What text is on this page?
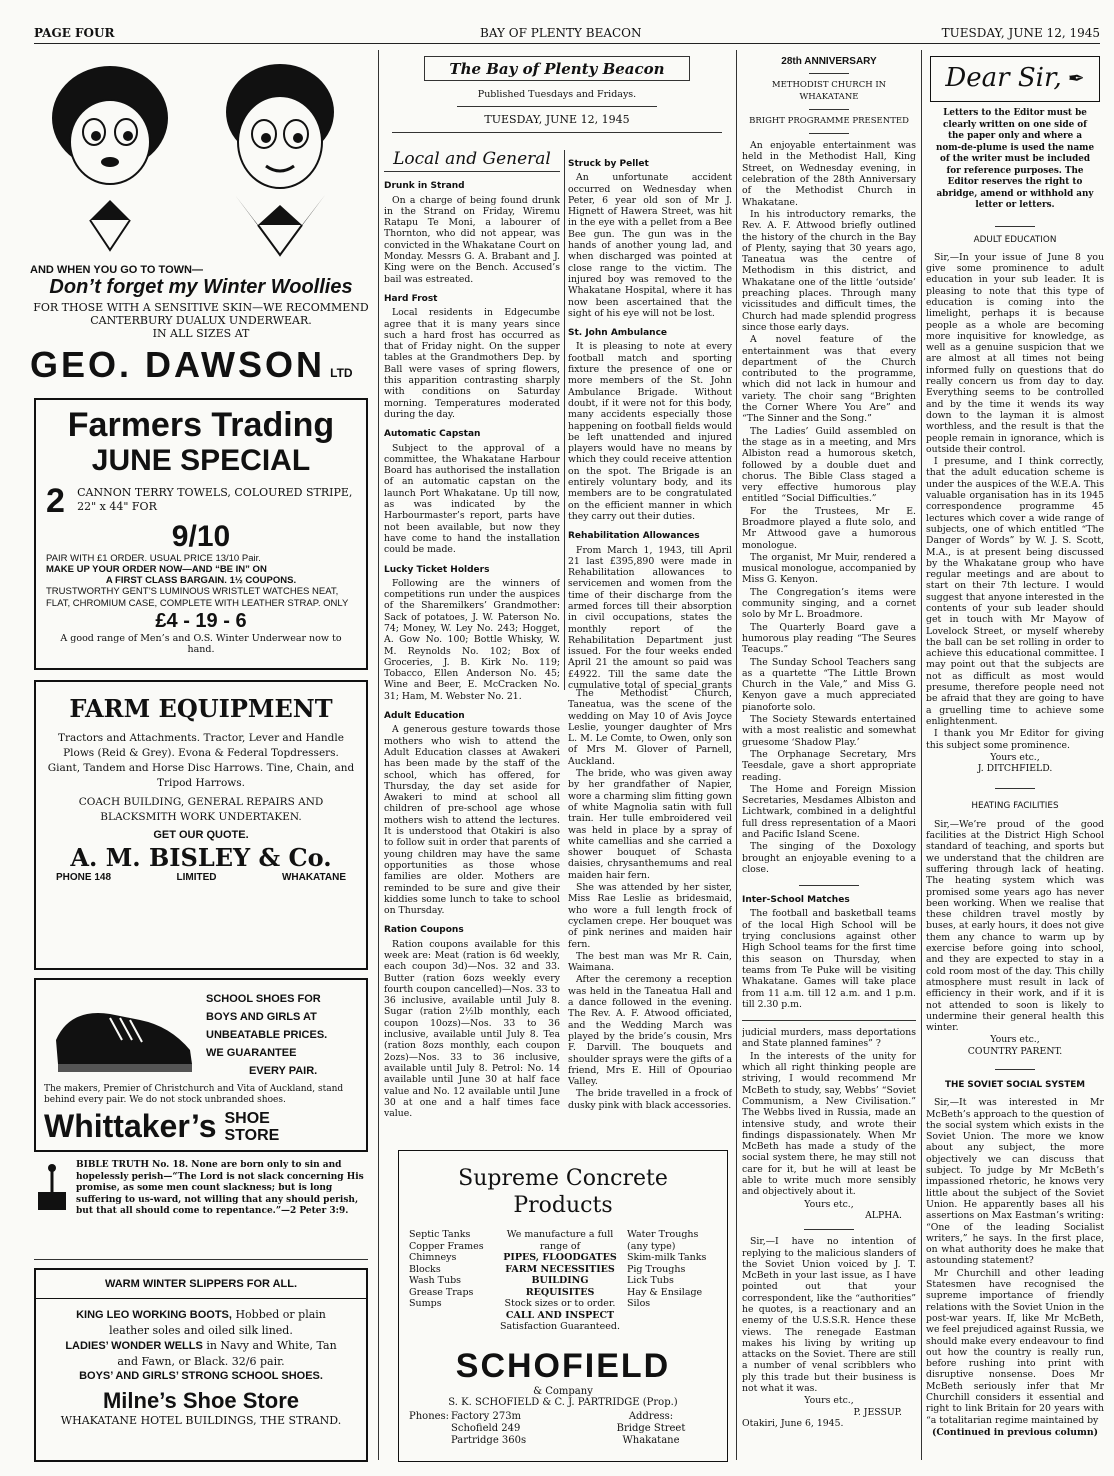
PAGE FOUR	BAY OF PLENTY BEACON	TUESDAY, JUNE 12, 1945
AND WHEN YOU GO TO TOWN—
Don’t forget my Winter Woollies
FOR THOSE WITH A SENSITIVE SKIN—WE RECOMMEND
CANTERBURY DUALUX UNDERWEAR.
IN ALL SIZES AT
GEO. DAWSON LTD
Farmers Trading
JUNE SPECIAL
2	CANNON TERRY TOWELS, COLOURED STRIPE, 22" x 44" FOR
9/10
PAIR WITH £1 ORDER. USUAL PRICE 13/10 Pair.
MAKE UP YOUR ORDER NOW—AND “BE IN” ON
A FIRST CLASS BARGAIN. 1½ COUPONS.
TRUSTWORTHY GENT’S LUMINOUS WRISTLET WATCHES NEAT, FLAT, CHROMIUM CASE, COMPLETE WITH LEATHER STRAP. ONLY
£4 - 19 - 6
A good range of Men’s and O.S. Winter Underwear now to hand.
FARM EQUIPMENT
Tractors and Attachments. Tractor, Lever and Handle Plows (Reid & Grey). Evona & Federal Topdressers. Giant, Tandem and Horse Disc Harrows. Tine, Chain, and Tripod Harrows.
COACH BUILDING, GENERAL REPAIRS AND BLACKSMITH WORK UNDERTAKEN.
GET OUR QUOTE.
A. M. BISLEY & Co.
PHONE 148	LIMITED	WHAKATANE
SCHOOL SHOES FOR
BOYS AND GIRLS AT
UNBEATABLE PRICES.
WE GUARANTEE
EVERY PAIR.
The makers, Premier of Christchurch and Vita of Auckland, stand behind every pair. We do not stock unbranded shoes.
Whittaker’s SHOE
STORE
BIBLE TRUTH No. 18. None are born only to sin and hopelessly perish—“The Lord is not slack concerning His promise, as some men count slackness; but is long suffering to us-ward, not willing that any should perish, but that all should come to repentance.”—2 Peter 3:9.
WARM WINTER SLIPPERS FOR ALL.
KING LEO WORKING BOOTS, Hobbed or plain
leather soles and oiled silk lined.
LADIES’ WONDER WELLS in Navy and White, Tan
and Fawn, or Black. 32/6 pair.
BOYS’ AND GIRLS’ STRONG SCHOOL SHOES.
Milne’s Shoe Store
WHAKATANE HOTEL BUILDINGS, THE STRAND.
The Bay of Plenty Beacon
Published Tuesdays and Fridays.
TUESDAY, JUNE 12, 1945
Local and General
Drunk in Strand

On a charge of being found drunk in the Strand on Friday, Wiremu Ratapu Te Moni, a labourer of Thornton, who did not appear, was convicted in the Whakatane Court on Monday. Messrs G. A. Brabant and J. King were on the Bench. Accused’s bail was estreated.

Hard Frost

Local residents in Edgecumbe agree that it is many years since such a hard frost has occurred as that of Friday night. On the supper tables at the Grandmothers Dep. by Ball were vases of spring flowers, this apparition contrasting sharply with conditions on Saturday morning. Temperatures moderated during the day.

Automatic Capstan

Subject to the approval of a committee, the Whakatane Harbour Board has authorised the installation of an automatic capstan on the launch Port Whakatane. Up till now, as was indicated by the Harbourmaster’s report, parts have not been available, but now they have come to hand the installation could be made.

Lucky Ticket Holders

Following are the winners of competitions run under the auspices of the Sharemilkers’ Grandmother: Sack of potatoes, J. W. Paterson No. 74; Money, W. Ley No. 243; Hogget, A. Gow No. 100; Bottle Whisky, W. M. Reynolds No. 102; Box of Groceries, J. B. Kirk No. 119; Tobacco, Ellen Anderson No. 45; Wine and Beer, E. McCracken No. 31; Ham, M. Webster No. 21.

Adult Education

A generous gesture towards those mothers who wish to attend the Adult Education classes at Awakeri has been made by the staff of the school, which has offered, for Thursday, the day set aside for Awakeri to mind at school all children of pre-school age whose mothers wish to attend the lectures. It is understood that Otakiri is also to follow suit in order that parents of young children may have the same opportunities as those whose families are older. Mothers are reminded to be sure and give their kiddies some lunch to take to school on Thursday.

Ration Coupons

Ration coupons available for this week are: Meat (ration is 6d weekly, each coupon 3d)—Nos. 32 and 33. Butter (ration 6ozs weekly every fourth coupon cancelled)—Nos. 33 to 36 inclusive, available until July 8. Sugar (ration 2½lb monthly, each coupon 10ozs)—Nos. 33 to 36 inclusive, available until July 8. Tea (ration 8ozs monthly, each coupon 2ozs)—Nos. 33 to 36 inclusive, available until July 8. Petrol: No. 14 available until June 30 at half face value and No. 12 available until June 30 at one and a half times face value.

Struck by Pellet

An unfortunate accident occurred on Wednesday when Peter, 6 year old son of Mr J. Hignett of Hawera Street, was hit in the eye with a pellet from a Bee Bee gun. The gun was in the hands of another young lad, and when discharged was pointed at close range to the victim. The injured boy was removed to the Whakatane Hospital, where it has now been ascertained that the sight of his eye will not be lost.

St. John Ambulance

It is pleasing to note at every football match and sporting fixture the presence of one or more members of the St. John Ambulance Brigade. Without doubt, if it were not for this body, many accidents especially those happening on football fields would be left unattended and injured players would have no means by which they could receive attention on the spot. The Brigade is an entirely voluntary body, and its members are to be congratulated on the efficient manner in which they carry out their duties.

Rehabilitation Allowances

From March 1, 1943, till April 21 last £395,890 were made in Rehabilitation allowances to servicemen and women from the time of their discharge from the armed forces till their absorption in civil occupations, states the monthly report of the Rehabilitation Department just issued. For the four weeks ended April 21 the amount so paid was £4922. Till the same date the cumulative total of special grants

The Methodist Church, Taneatua, was the scene of the wedding on May 10 of Avis Joyce Leslie, younger daughter of Mrs L. M. Le Comte, to Owen, only son of Mrs M. Glover of Parnell, Auckland.

The bride, who was given away by her grandfather of Napier, wore a charming slim fitting gown of white Magnolia satin with full train. Her tulle embroidered veil was held in place by a spray of white camellias and she carried a shower bouquet of Schasta daisies, chrysanthemums and real maiden hair fern.

She was attended by her sister, Miss Rae Leslie as bridesmaid, who wore a full length frock of cyclamen crepe. Her bouquet was of pink nerines and maiden hair fern.

The best man was Mr R. Cain, Waimana.

After the ceremony a reception was held in the Taneatua Hall and a dance followed in the evening. The Rev. A. F. Atwood officiated, and the Wedding March was played by the bride’s cousin, Mrs F. Darvill. The bouquets and shoulder sprays were the gifts of a friend, Mrs E. Hill of Opouriao Valley.

The bride travelled in a frock of dusky pink with black accessories.

Supreme Concrete Products
Septic Tanks
Copper Frames
Chimneys
Blocks
Wash Tubs
Grease Traps
Sumps
We manufacture a full
range of
PIPES, FLOODGATES
FARM NECESSITIES
BUILDING REQUISITES
Stock sizes or to order.
CALL AND INSPECT
Satisfaction Guaranteed.
Water Troughs
(any type)
Skim-milk Tanks
Pig Troughs
Lick Tubs
Hay & Ensilage
Silos
SCHOFIELD
& Company
S. K. SCHOFIELD & C. J. PARTRIDGE (Prop.)
Phones: Factory 273m
Schofield 249
Partridge 360s
Address:
Bridge Street
Whakatane
28th ANNIVERSARY
METHODIST CHURCH IN WHAKATANE
BRIGHT PROGRAMME PRESENTED

An enjoyable entertainment was held in the Methodist Hall, King Street, on Wednesday evening, in celebration of the 28th Anniversary of the Methodist Church in Whakatane.

In his introductory remarks, the Rev. A. F. Attwood briefly outlined the history of the church in the Bay of Plenty, saying that 30 years ago, Taneatua was the centre of Methodism in this district, and Whakatane one of the little ‘outside’ preaching places. Through many vicissitudes and difficult times, the Church had made splendid progress since those early days.

A novel feature of the entertainment was that every department of the Church contributed to the programme, which did not lack in humour and variety. The choir sang “Brighten the Corner Where You Are” and “The Sinner and the Song.”

The Ladies’ Guild assembled on the stage as in a meeting, and Mrs Albiston read a humorous sketch, followed by a double duet and chorus. The Bible Class staged a very effective humorous play entitled “Social Difficulties.”

For the Trustees, Mr E. Broadmore played a flute solo, and Mr Attwood gave a humorous monologue.

The organist, Mr Muir, rendered a musical monologue, accompanied by Miss G. Kenyon.

The Congregation’s items were community singing, and a cornet solo by Mr L. Broadmore.

The Quarterly Board gave a humorous play reading “The Seures Teacups.”

The Sunday School Teachers sang as a quartette “The Little Brown Church in the Vale,” and Miss G. Kenyon gave a much appreciated pianoforte solo.

The Society Stewards entertained with a most realistic and somewhat gruesome ‘Shadow Play.’

The Orphanage Secretary, Mrs Teesdale, gave a short appropriate reading.

The Home and Foreign Mission Secretaries, Mesdames Albiston and Lichtwark, combined in a delightful full dress representation of a Maori and Pacific Island Scene.

The singing of the Doxology brought an enjoyable evening to a close.

Inter-School Matches

The football and basketball teams of the local High School will be trying conclusions against other High School teams for the first time this season on Thursday, when teams from Te Puke will be visiting Whakatane. Games will take place from 11 a.m. till 12 a.m. and 1 p.m. till 2.30 p.m.

judicial murders, mass deportations and State planned famines” ?

In the interests of the unity for which all right thinking people are striving, I would recommend Mr McBeth to study, say, Webbs’ “Soviet Communism, a New Civilisation.” The Webbs lived in Russia, made an intensive study, and wrote their findings dispassionately. When Mr McBeth has made a study of the social system there, he may still not care for it, but he will at least be able to write much more sensibly and objectively about it.

Yours etc.,
ALPHA.

Sir,—I have no intention of replying to the malicious slanders of the Soviet Union voiced by J. T. McBeth in your last issue, as I have pointed out that your correspondent, like the “authorities” he quotes, is a reactionary and an enemy of the U.S.S.R. Hence these views. The renegade Eastman makes his living by writing up attacks on the Soviet. There are still a number of venal scribblers who ply this trade but their business is not what it was.

Yours etc.,
P. JESSUP.
Otakiri, June 6, 1945.
Dear Sir, ✒
Letters to the Editor must be clearly written on one side of the paper only and where a nom-de-plume is used the name of the writer must be included for reference purposes. The Editor reserves the right to abridge, amend or withhold any letter or letters.
ADULT EDUCATION

Sir,—In your issue of June 8 you give some prominence to adult education in your sub leader. It is pleasing to note that this type of education is coming into the limelight, perhaps it is because people as a whole are becoming more inquisitive for knowledge, as well as a genuine suspicion that we are almost at all times not being informed fully on questions that do really concern us from day to day. Everything seems to be controlled and by the time it wends its way down to the layman it is almost worthless, and the result is that the people remain in ignorance, which is outside their control.

I presume, and I think correctly, that the adult education scheme is under the auspices of the W.E.A. This valuable organisation has in its 1945 correspondence programme 45 lectures which cover a wide range of subjects, one of which entitled “The Danger of Words” by W. J. S. Scott, M.A., is at present being discussed by the Whakatane group who have regular meetings and are about to start on their 7th lecture. I would suggest that anyone interested in the contents of your sub leader should get in touch with Mr Mayow of Lovelock Street, or myself whereby the ball can be set rolling in order to achieve this educational committee. I may point out that the subjects are not as difficult as most would presume, therefore people need not be afraid that they are going to have a gruelling time to achieve some enlightenment.

I thank you Mr Editor for giving this subject some prominence.

Yours etc.,
J. DITCHFIELD.
HEATING FACILITIES

Sir,—We’re proud of the good facilities at the District High School standard of teaching, and sports but we understand that the children are suffering through lack of heating. The heating system which was promised some years ago has never been working. When we realise that these children travel mostly by buses, at early hours, it does not give them any chance to warm up by exercise before going into school, and they are expected to stay in a cold room most of the day. This chilly atmosphere must result in lack of efficiency in their work, and if it is not attended to soon is likely to undermine their general health this winter.

Yours etc.,
COUNTRY PARENT.
THE SOVIET SOCIAL SYSTEM

Sir,—It was interested in Mr McBeth’s approach to the question of the social system which exists in the Soviet Union. The more we know about any subject, the more objectively we can discuss that subject. To judge by Mr McBeth’s impassioned rhetoric, he knows very little about the subject of the Soviet Union. He apparently bases all his assertions on Max Eastman’s writing: “One of the leading Socialist writers,” he says. In the first place, on what authority does he make that astounding statement?

Mr Churchill and other leading Statesmen have recognised the supreme importance of friendly relations with the Soviet Union in the post-war years. If, like Mr McBeth, we feel prejudiced against Russia, we should make every endeavour to find out how the country is really run, before rushing into print with disruptive nonsense. Does Mr McBeth seriously infer that Mr Churchill considers it essential and right to link Britain for 20 years with “a totalitarian regime maintained by

(Continued in previous column)
